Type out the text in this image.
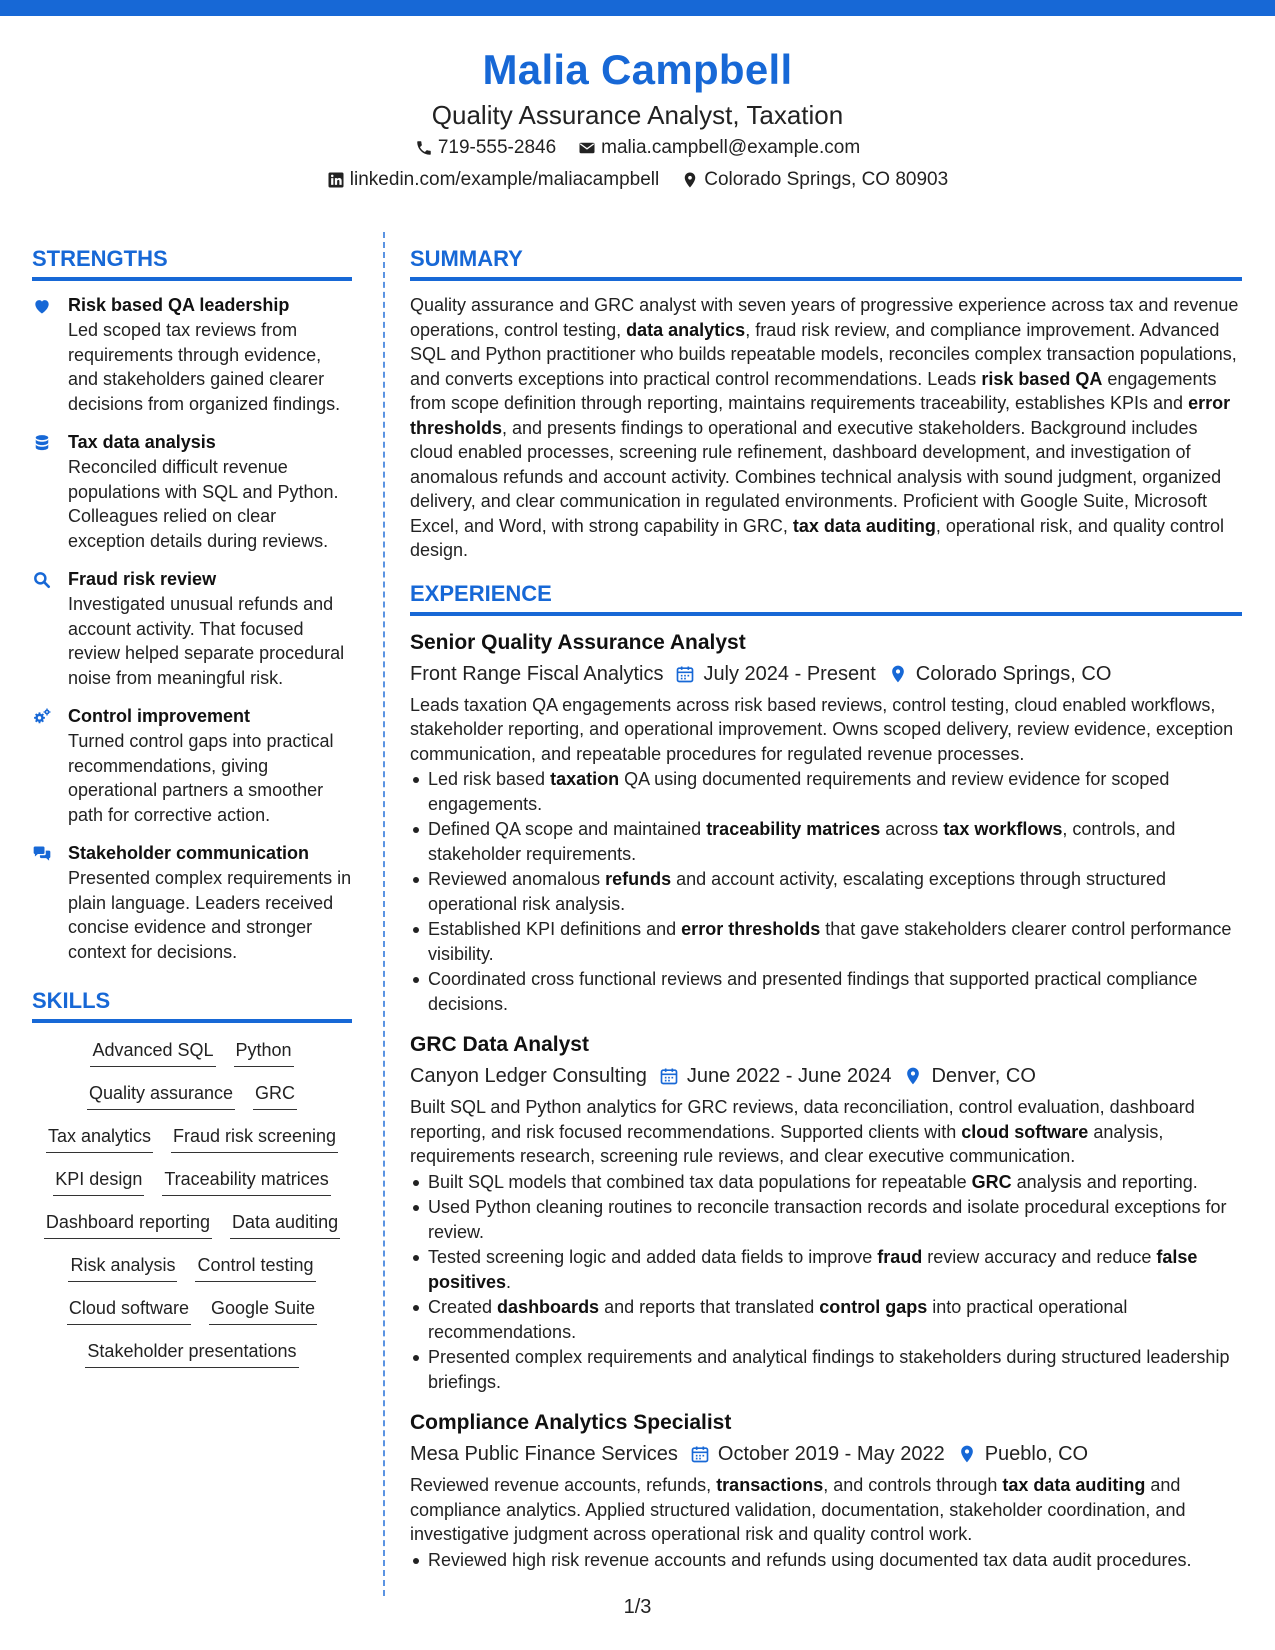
Malia Campbell
Quality Assurance Analyst, Taxation
719-555-2846 malia.campbell@example.com
linkedin.com/example/maliacampbell Colorado Springs, CO 80903
STRENGTHS
Risk based QA leadership
Led scoped tax reviews from requirements through evidence, and stakeholders gained clearer decisions from organized findings.
Tax data analysis
Reconciled difficult revenue populations with SQL and Python. Colleagues relied on clear exception details during reviews.
Fraud risk review
Investigated unusual refunds and account activity. That focused review helped separate procedural noise from meaningful risk.
Control improvement
Turned control gaps into practical recommendations, giving operational partners a smoother path for corrective action.
Stakeholder communication
Presented complex requirements in plain language. Leaders received concise evidence and stronger context for decisions.
SKILLS
Advanced SQL Python
Quality assurance GRC
Tax analytics Fraud risk screening
KPI design Traceability matrices
Dashboard reporting Data auditing
Risk analysis Control testing
Cloud software Google Suite
Stakeholder presentations
SUMMARY
Quality assurance and GRC analyst with seven years of progressive experience across tax and revenue operations, control testing, data analytics, fraud risk review, and compliance improvement. Advanced SQL and Python practitioner who builds repeatable models, reconciles complex transaction populations, and converts exceptions into practical control recommendations. Leads risk based QA engagements from scope definition through reporting, maintains requirements traceability, establishes KPIs and error thresholds, and presents findings to operational and executive stakeholders. Background includes cloud enabled processes, screening rule refinement, dashboard development, and investigation of anomalous refunds and account activity. Combines technical analysis with sound judgment, organized delivery, and clear communication in regulated environments. Proficient with Google Suite, Microsoft Excel, and Word, with strong capability in GRC, tax data auditing, operational risk, and quality control design.
EXPERIENCE
Senior Quality Assurance Analyst
Front Range Fiscal Analytics July 2024 - Present Colorado Springs, CO
Leads taxation QA engagements across risk based reviews, control testing, cloud enabled workflows, stakeholder reporting, and operational improvement. Owns scoped delivery, review evidence, exception communication, and repeatable procedures for regulated revenue processes.
Led risk based taxation QA using documented requirements and review evidence for scoped engagements.
Defined QA scope and maintained traceability matrices across tax workflows, controls, and stakeholder requirements.
Reviewed anomalous refunds and account activity, escalating exceptions through structured operational risk analysis.
Established KPI definitions and error thresholds that gave stakeholders clearer control performance visibility.
Coordinated cross functional reviews and presented findings that supported practical compliance decisions.
GRC Data Analyst
Canyon Ledger Consulting June 2022 - June 2024 Denver, CO
Built SQL and Python analytics for GRC reviews, data reconciliation, control evaluation, dashboard reporting, and risk focused recommendations. Supported clients with cloud software analysis, requirements research, screening rule reviews, and clear executive communication.
Built SQL models that combined tax data populations for repeatable GRC analysis and reporting.
Used Python cleaning routines to reconcile transaction records and isolate procedural exceptions for review.
Tested screening logic and added data fields to improve fraud review accuracy and reduce false positives.
Created dashboards and reports that translated control gaps into practical operational recommendations.
Presented complex requirements and analytical findings to stakeholders during structured leadership briefings.
Compliance Analytics Specialist
Mesa Public Finance Services October 2019 - May 2022 Pueblo, CO
Reviewed revenue accounts, refunds, transactions, and controls through tax data auditing and compliance analytics. Applied structured validation, documentation, stakeholder coordination, and investigative judgment across operational risk and quality control work.
Reviewed high risk revenue accounts and refunds using documented tax data audit procedures.
1/3
